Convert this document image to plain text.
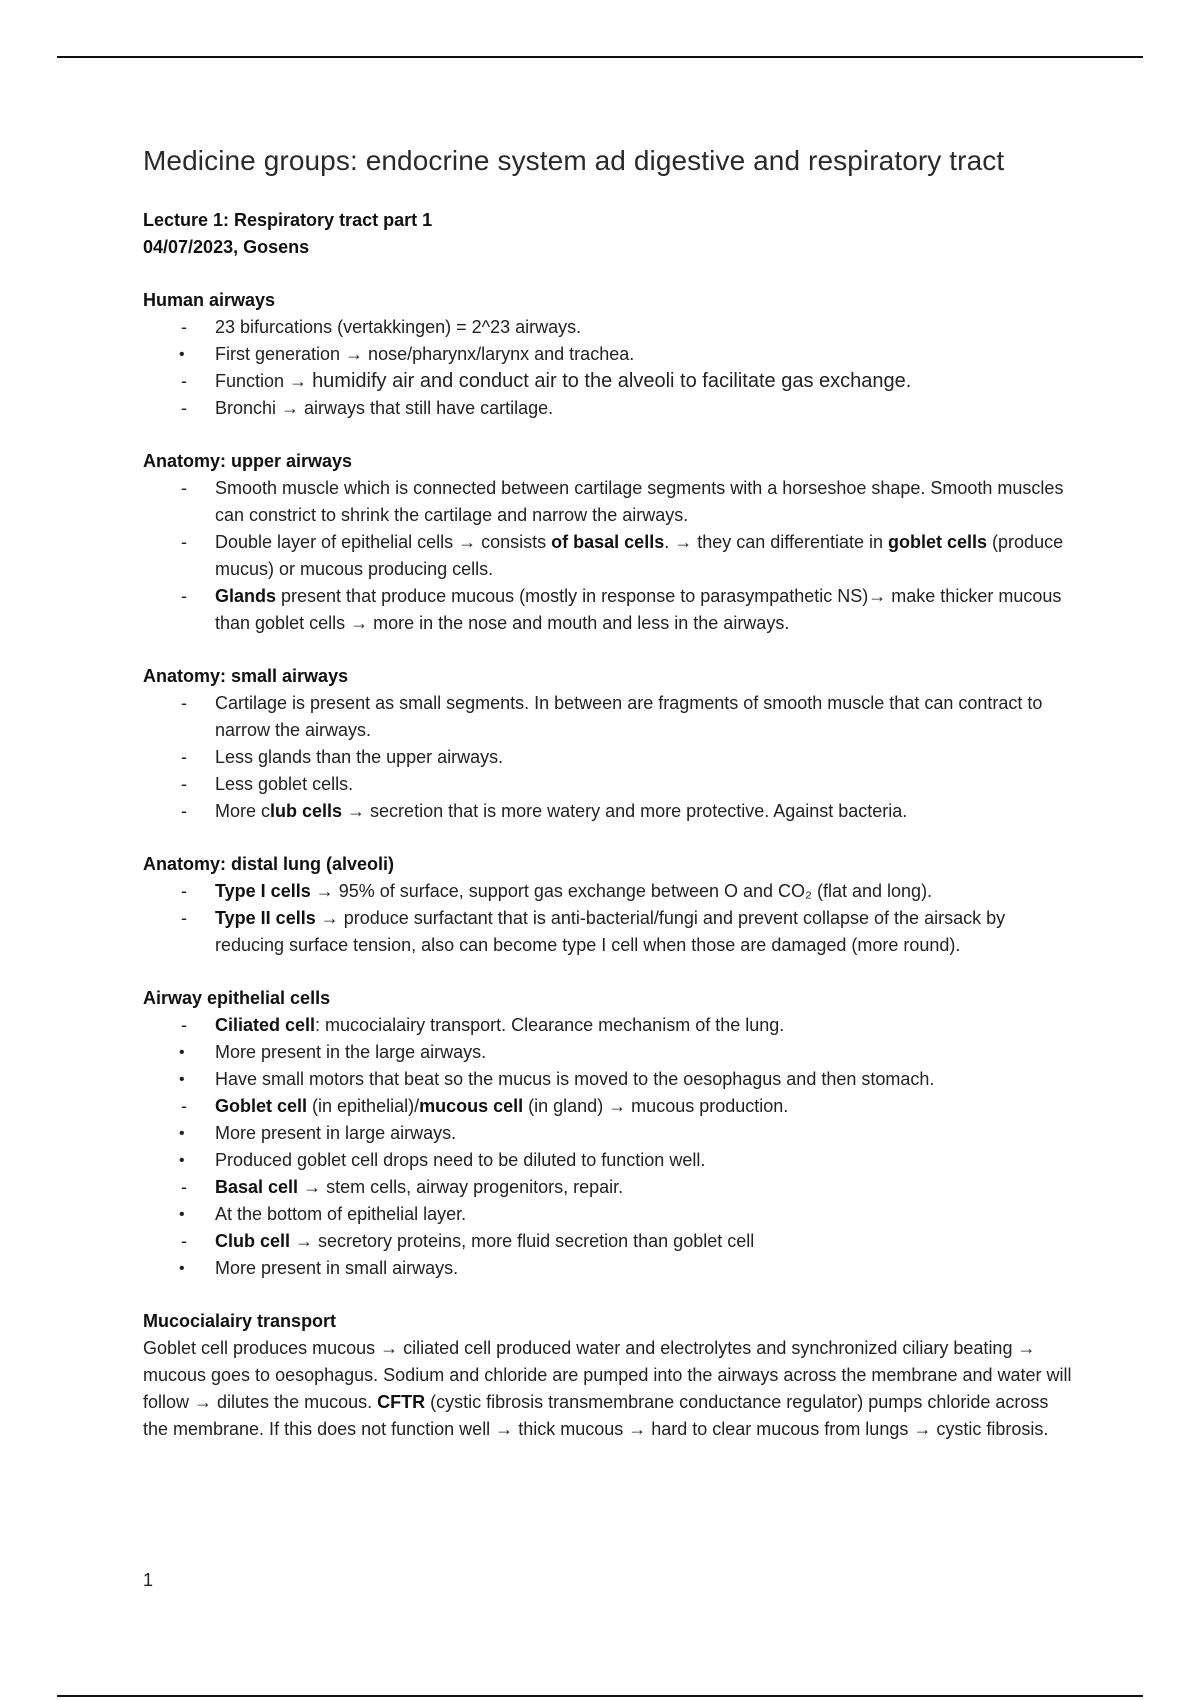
Medicine groups: endocrine system ad digestive and respiratory tract
Lecture 1: Respiratory tract part 1
04/07/2023, Gosens
Human airways
- 23 bifurcations (vertakkingen) = 2^23 airways.
• First generation → nose/pharynx/larynx and trachea.
- Function → humidify air and conduct air to the alveoli to facilitate gas exchange.
- Bronchi → airways that still have cartilage.
Anatomy: upper airways
- Smooth muscle which is connected between cartilage segments with a horseshoe shape. Smooth muscles can constrict to shrink the cartilage and narrow the airways.
- Double layer of epithelial cells → consists of basal cells. → they can differentiate in goblet cells (produce mucus) or mucous producing cells.
- Glands present that produce mucous (mostly in response to parasympathetic NS)→ make thicker mucous than goblet cells → more in the nose and mouth and less in the airways.
Anatomy: small airways
- Cartilage is present as small segments. In between are fragments of smooth muscle that can contract to narrow the airways.
- Less glands than the upper airways.
- Less goblet cells.
- More club cells → secretion that is more watery and more protective. Against bacteria.
Anatomy: distal lung (alveoli)
- Type I cells → 95% of surface, support gas exchange between O and CO₂ (flat and long).
- Type II cells → produce surfactant that is anti-bacterial/fungi and prevent collapse of the airsack by reducing surface tension, also can become type I cell when those are damaged (more round).
Airway epithelial cells
- Ciliated cell: mucocialairy transport. Clearance mechanism of the lung.
• More present in the large airways.
• Have small motors that beat so the mucus is moved to the oesophagus and then stomach.
- Goblet cell (in epithelial)/mucous cell (in gland) → mucous production.
• More present in large airways.
• Produced goblet cell drops need to be diluted to function well.
- Basal cell → stem cells, airway progenitors, repair.
• At the bottom of epithelial layer.
- Club cell → secretory proteins, more fluid secretion than goblet cell
• More present in small airways.
Mucocialairy transport

Goblet cell produces mucous → ciliated cell produced water and electrolytes and synchronized ciliary beating → mucous goes to oesophagus. Sodium and chloride are pumped into the airways across the membrane and water will follow → dilutes the mucous. CFTR (cystic fibrosis transmembrane conductance regulator) pumps chloride across the membrane. If this does not function well → thick mucous → hard to clear mucous from lungs → cystic fibrosis.

1
